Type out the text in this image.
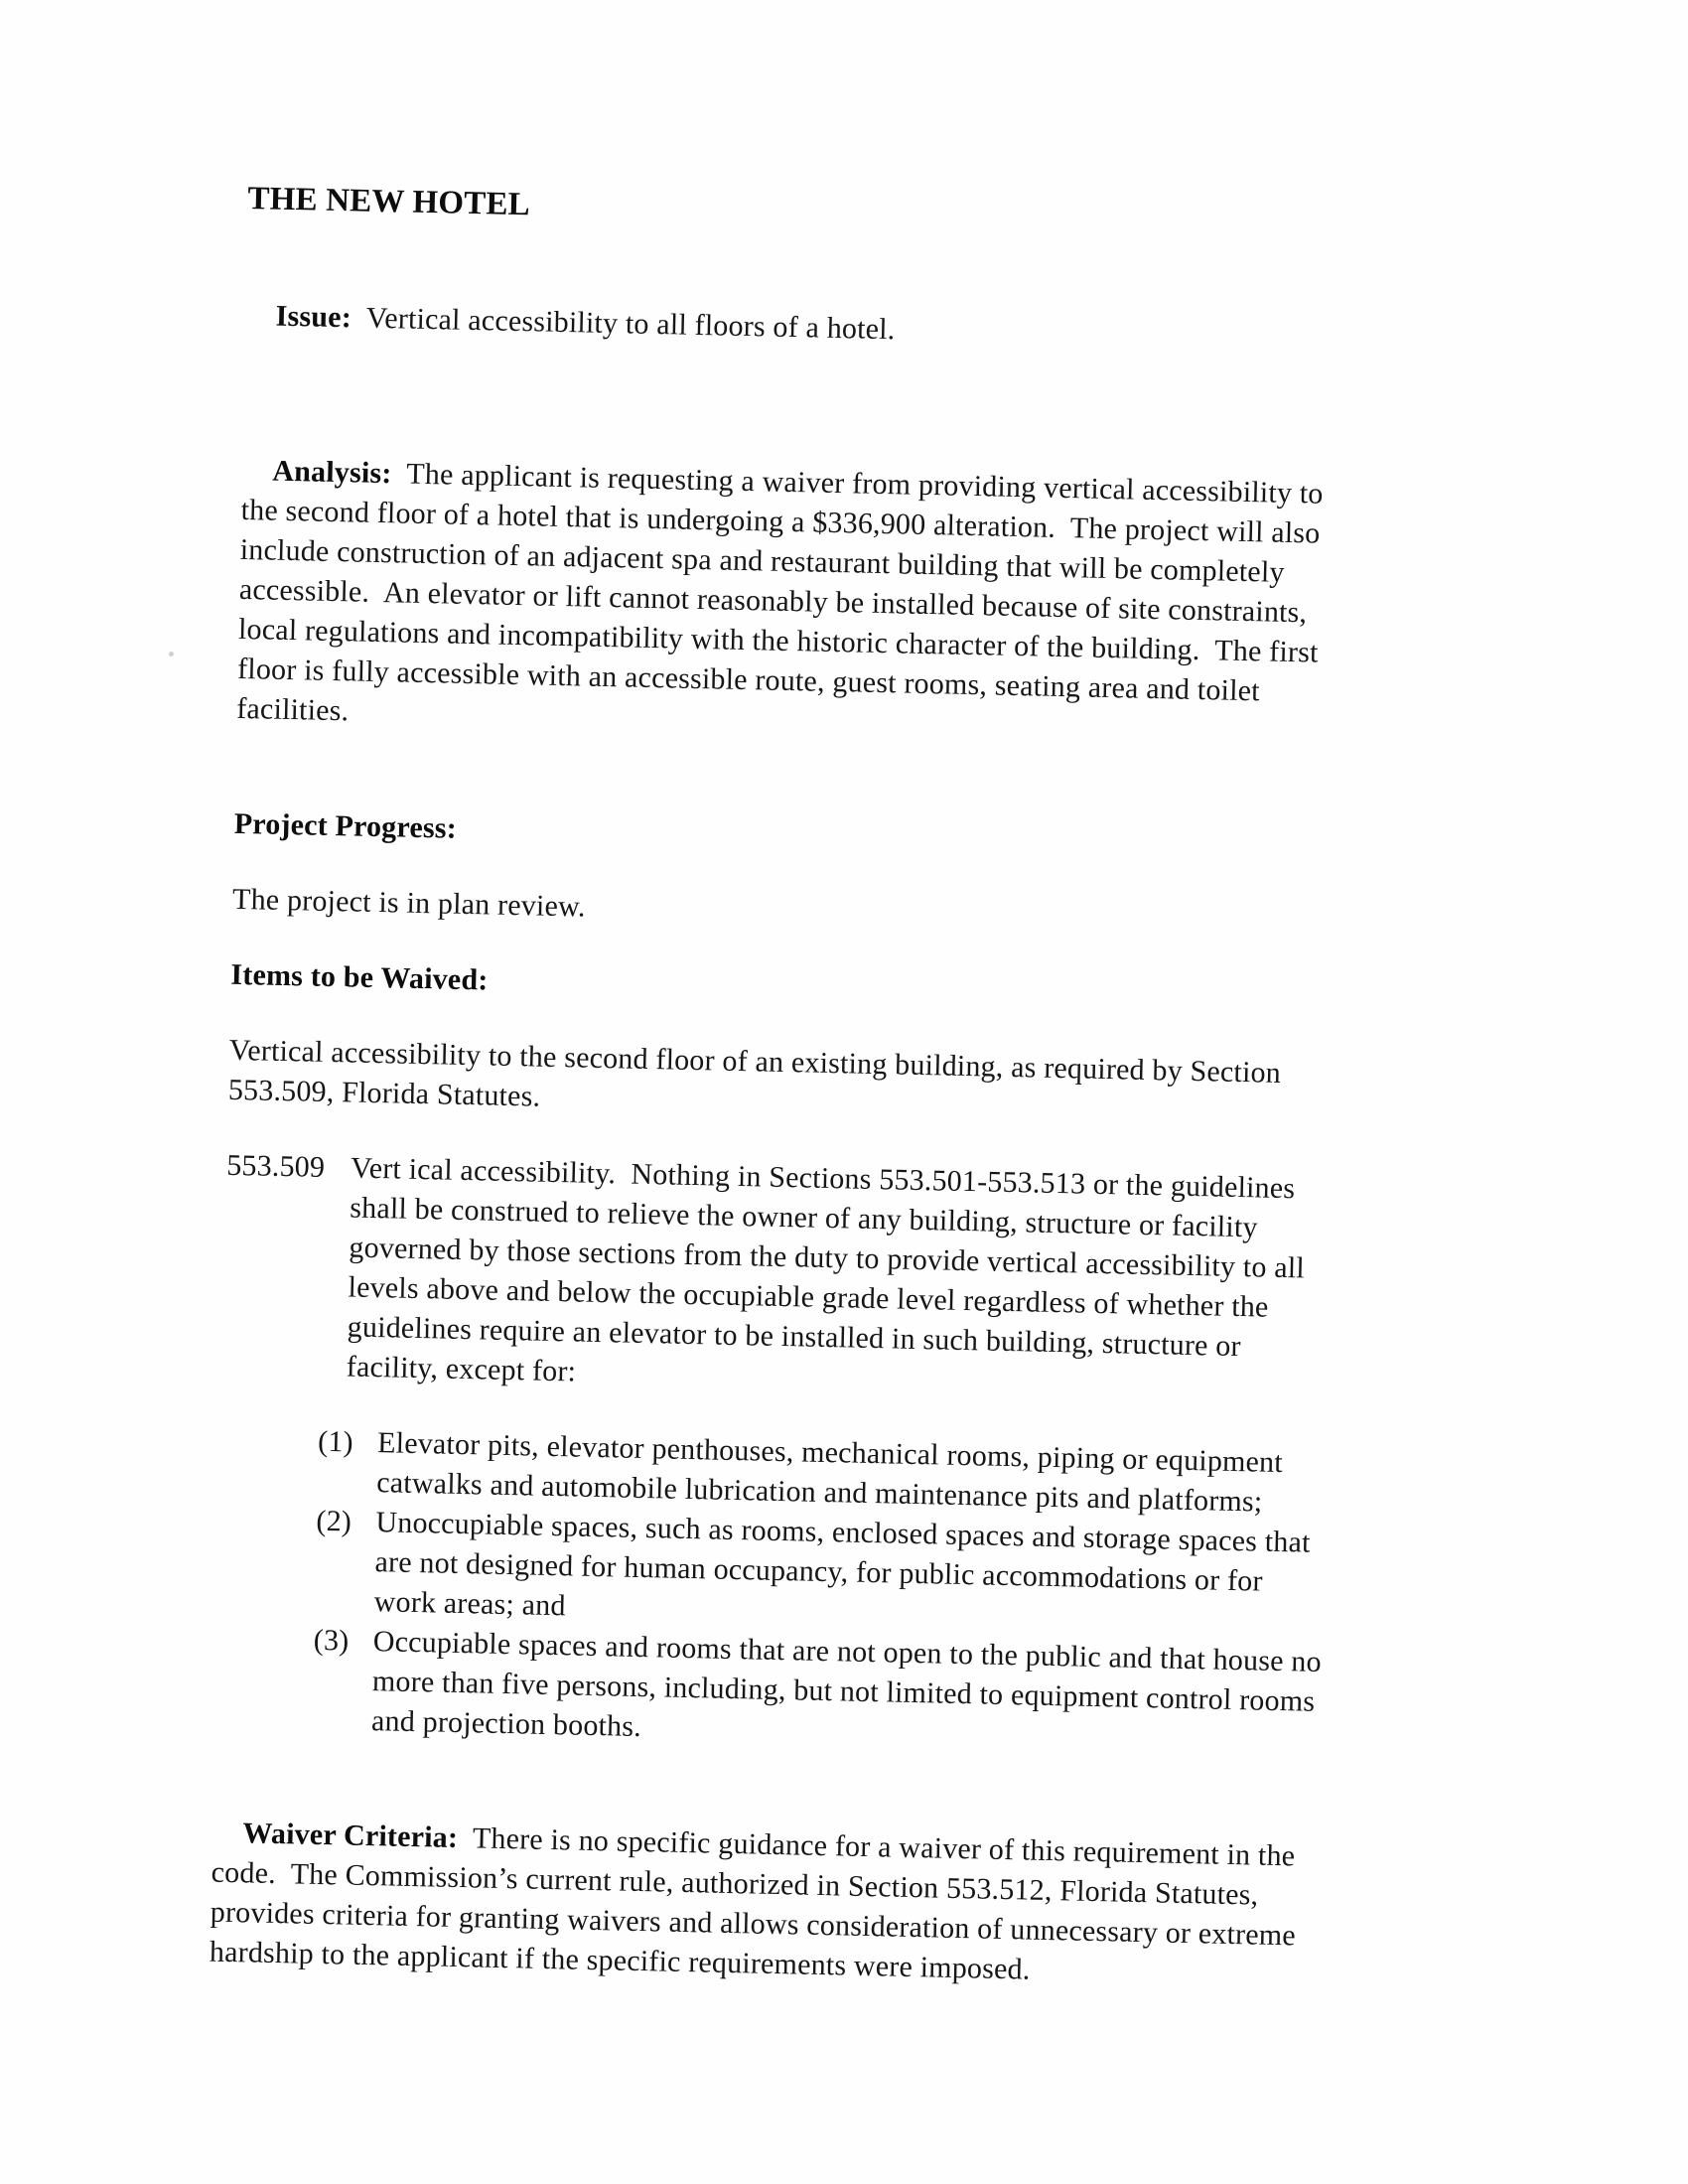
THE NEW HOTEL

Issue:  Vertical accessibility to all floors of a hotel.

Analysis:  The applicant is requesting a waiver from providing vertical accessibility to
the second floor of a hotel that is undergoing a $336,900 alteration.  The project will also
include construction of an adjacent spa and restaurant building that will be completely
accessible.  An elevator or lift cannot reasonably be installed because of site constraints,
local regulations and incompatibility with the historic character of the building.  The first
floor is fully accessible with an accessible route, guest rooms, seating area and toilet
facilities.

Project Progress:
The project is in plan review.
Items to be Waived:
Vertical accessibility to the second floor of an existing building, as required by Section
553.509, Florida Statutes.
553.509 Vert ical accessibility.  Nothing in Sections 553.501-553.513 or the guidelines
shall be construed to relieve the owner of any building, structure or facility
governed by those sections from the duty to provide vertical accessibility to all
levels above and below the occupiable grade level regardless of whether the
guidelines require an elevator to be installed in such building, structure or
facility, except for:
(1) Elevator pits, elevator penthouses, mechanical rooms, piping or equipment
catwalks and automobile lubrication and maintenance pits and platforms;
(2) Unoccupiable spaces, such as rooms, enclosed spaces and storage spaces that
are not designed for human occupancy, for public accommodations or for
work areas; and
(3) Occupiable spaces and rooms that are not open to the public and that house no
more than five persons, including, but not limited to equipment control rooms
and projection booths.

Waiver Criteria:  There is no specific guidance for a waiver of this requirement in the
code.  The Commission’s current rule, authorized in Section 553.512, Florida Statutes,
provides criteria for granting waivers and allows consideration of unnecessary or extreme
hardship to the applicant if the specific requirements were imposed.
